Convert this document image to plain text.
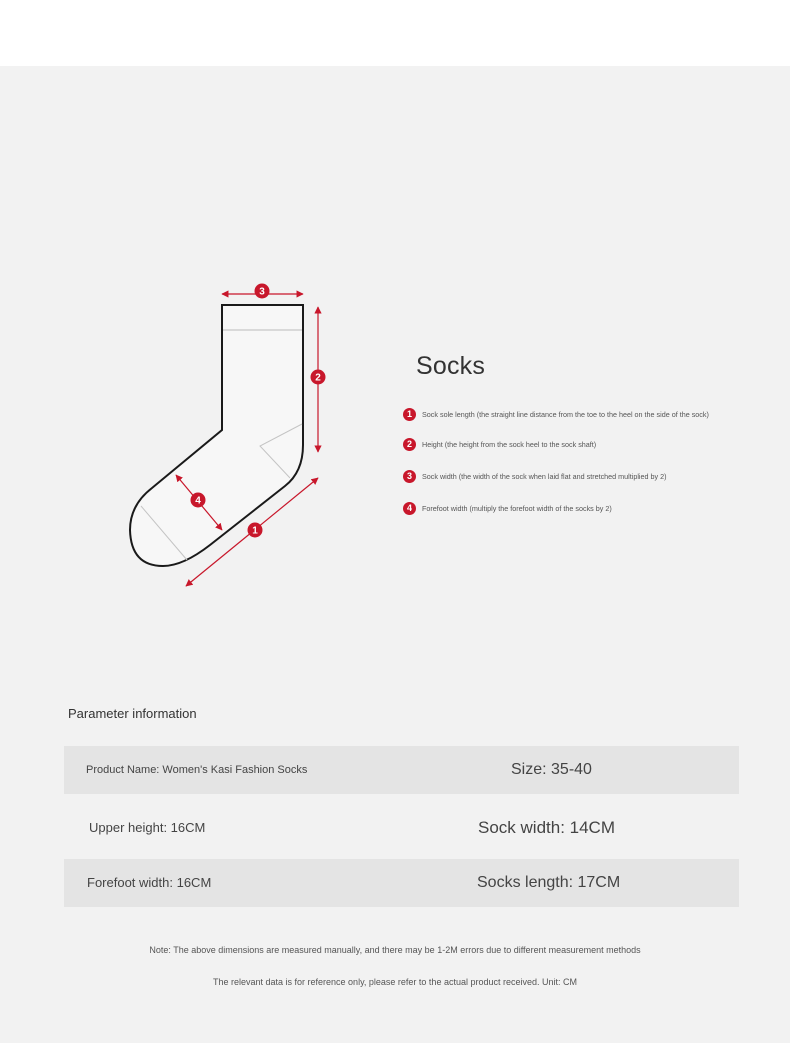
3
2
4
1
Socks
1	Sock sole length (the straight line distance from the toe to the heel on the side of the sock)
2	Height (the height from the sock heel to the sock shaft)
3	Sock width (the width of the sock when laid flat and stretched multiplied by 2)
4	Forefoot width (multiply the forefoot width of the socks by 2)
Parameter information
Product Name: Women's Kasi Fashion Socks	Size: 35-40
Upper height: 16CM	Sock width: 14CM
Forefoot width: 16CM	Socks length: 17CM
Note: The above dimensions are measured manually, and there may be 1-2M errors due to different measurement methods
The relevant data is for reference only, please refer to the actual product received. Unit: CM
